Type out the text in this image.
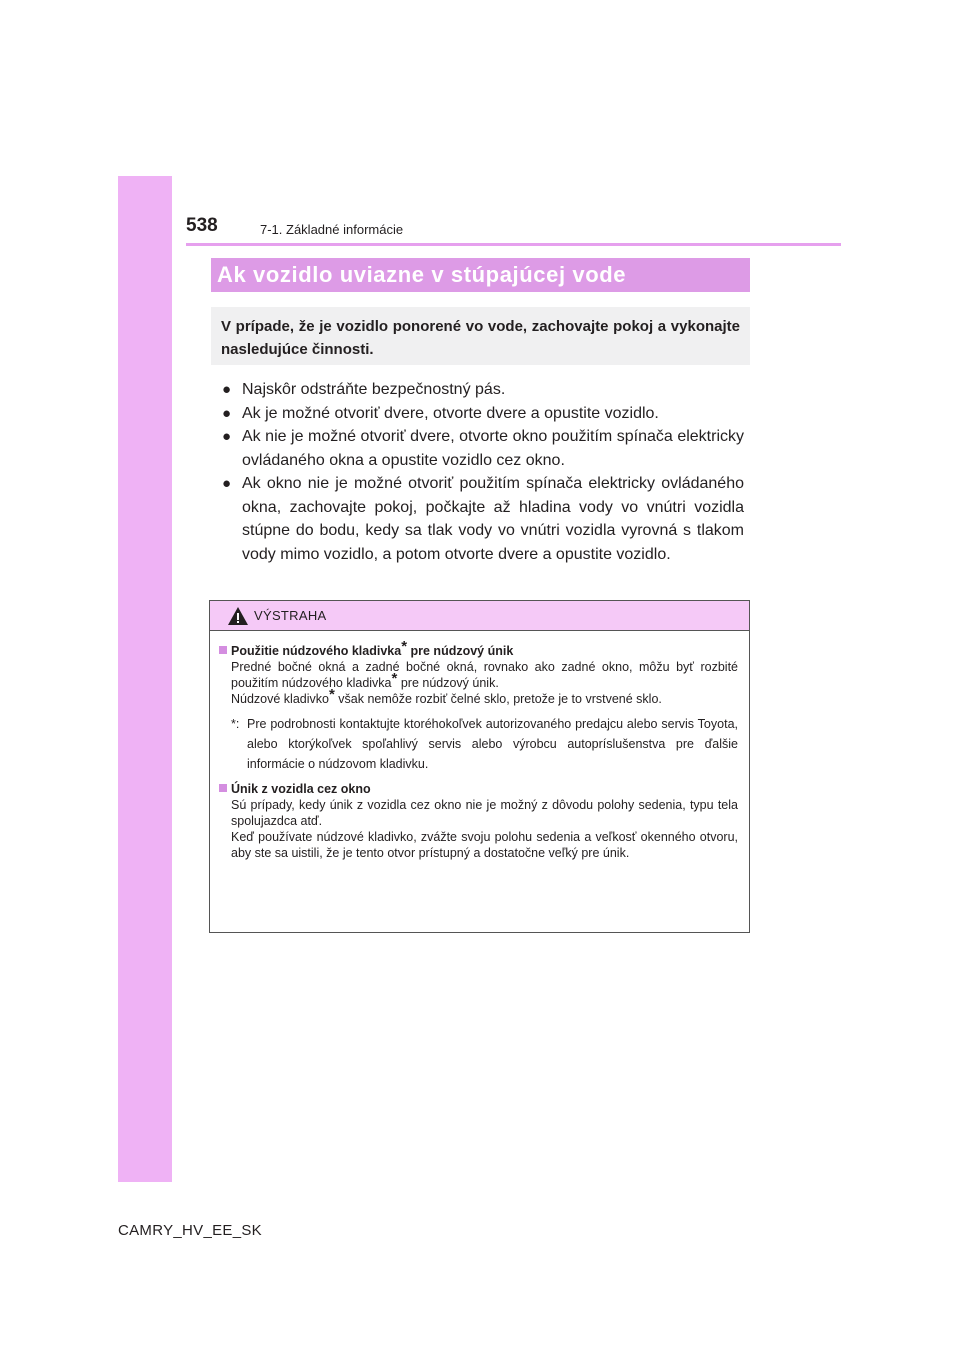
538	7-1. Základné informácie
Ak vozidlo uviazne v stúpajúcej vode
V prípade, že je vozidlo ponorené vo vode, zachovajte pokoj a vykonajte nasledujúce činnosti.
● Najskôr odstráňte bezpečnostný pás.
● Ak je možné otvoriť dvere, otvorte dvere a opustite vozidlo.
● Ak nie je možné otvoriť dvere, otvorte okno použitím spínača elektricky ovládaného okna a opustite vozidlo cez okno.
● Ak okno nie je možné otvoriť použitím spínača elektricky ovládaného okna, zachovajte pokoj, počkajte až hladina vody vo vnútri vozidla stúpne do bodu, kedy sa tlak vody vo vnútri vozidla vyrovná s tlakom vody mimo vozidlo, a potom otvorte dvere a opustite vozidlo.
VÝSTRAHA
Použitie núdzového kladivka* pre núdzový únik
Predné bočné okná a zadné bočné okná, rovnako ako zadné okno, môžu byť rozbité použitím núdzového kladivka* pre núdzový únik.
Núdzové kladivko* však nemôže rozbiť čelné sklo, pretože je to vrstvené sklo.
*: Pre podrobnosti kontaktujte ktoréhokoľvek autorizovaného predajcu alebo servis Toyota, alebo ktorýkoľvek spoľahlivý servis alebo výrobcu autopríslušenstva pre ďalšie informácie o núdzovom kladivku.
Únik z vozidla cez okno
Sú prípady, kedy únik z vozidla cez okno nie je možný z dôvodu polohy sedenia, typu tela spolujazdca atď.
Keď používate núdzové kladivko, zvážte svoju polohu sedenia a veľkosť okenného otvoru, aby ste sa uistili, že je tento otvor prístupný a dostatočne veľký pre únik.
CAMRY_HV_EE_SK
